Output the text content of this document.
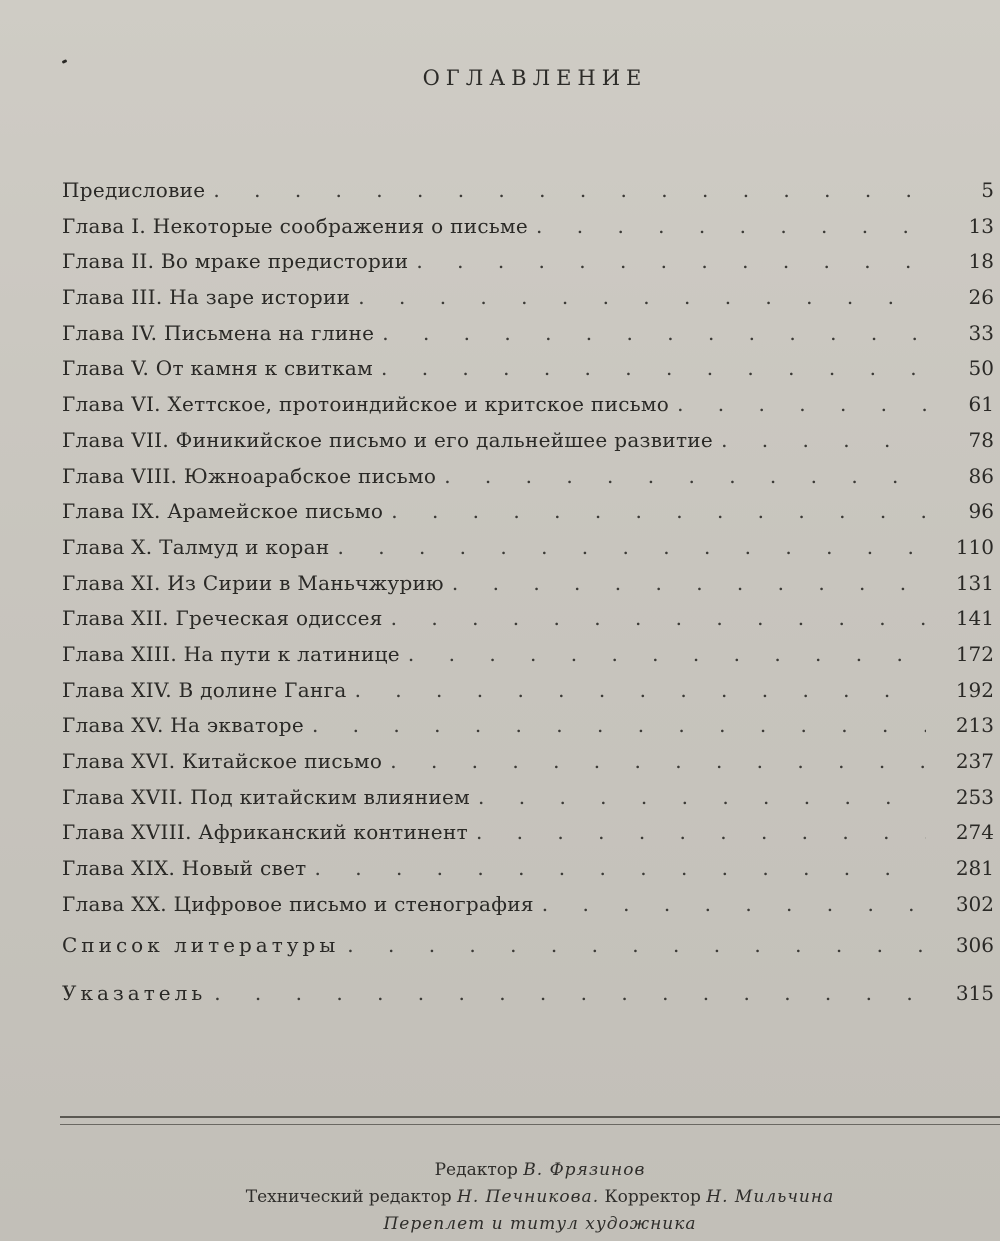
ОГЛАВЛЕНИЕ
Предисловие . . .	5
Глава I. Некоторые соображения о письме . . .	13
Глава II. Во мраке предистории . . .	18
Глава III. На заре истории . . .	26
Глава IV. Письмена на глине . . .	33
Глава V. От камня к свиткам . . .	50
Глава VI. Хеттское, протоиндийское и критское письмо . . .	61
Глава VII. Финикийское письмо и его дальнейшее развитие . . .	78
Глава VIII. Южноарабское письмо . . .	86
Глава IX. Арамейское письмо . . .	96
Глава X. Талмуд и коран . . .	110
Глава XI. Из Сирии в Маньчжурию . . .	131
Глава XII. Греческая одиссея . . .	141
Глава XIII. На пути к латинице . . .	172
Глава XIV. В долине Ганга . . .	192
Глава XV. На экваторе . . .	213
Глава XVI. Китайское письмо . . .	237
Глава XVII. Под китайским влиянием . . .	253
Глава XVIII. Африканский континент . . .	274
Глава XIX. Новый свет . . .	281
Глава XX. Цифровое письмо и стенография . . .	302
Список литературы . . .	306
Указатель . . .	315
Редактор В. Фрязинов
Технический редактор Н. Печникова. Корректор Н. Мильчина
Переплет и титул художника
